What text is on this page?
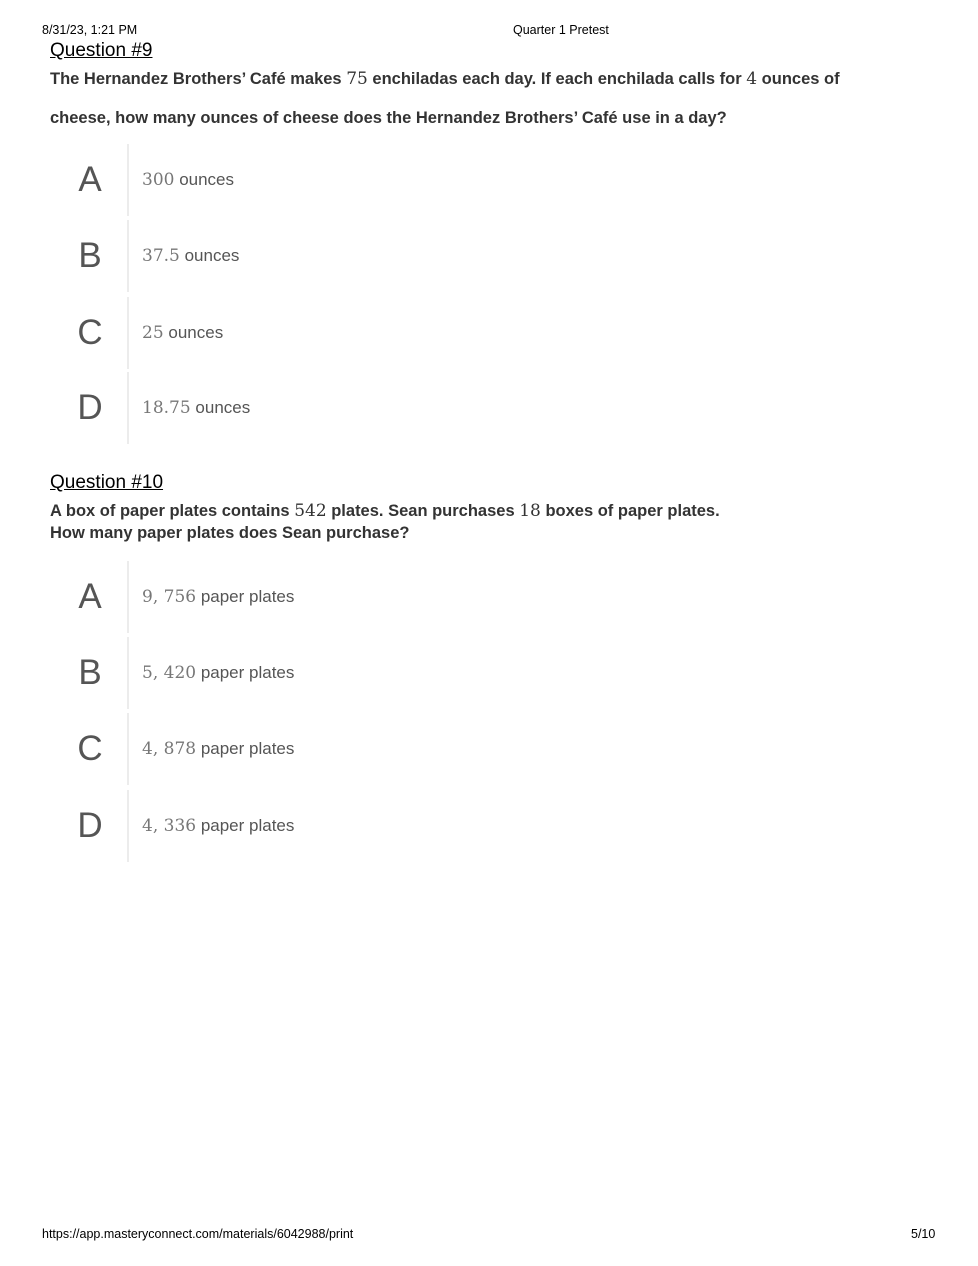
8/31/23, 1:21 PM	Quarter 1 Pretest
Question #9
The Hernandez Brothers’ Café makes 75 enchiladas each day. If each enchilada calls for 4 ounces of
cheese, how many ounces of cheese does the Hernandez Brothers’ Café use in a day?
A	300 ounces
B	37.5 ounces
C	25 ounces
D	18.75 ounces
Question #10
A box of paper plates contains 542 plates. Sean purchases 18 boxes of paper plates.
How many paper plates does Sean purchase?
A	9, 756 paper plates
B	5, 420 paper plates
C	4, 878 paper plates
D	4, 336 paper plates
https://app.masteryconnect.com/materials/6042988/print	5/10
